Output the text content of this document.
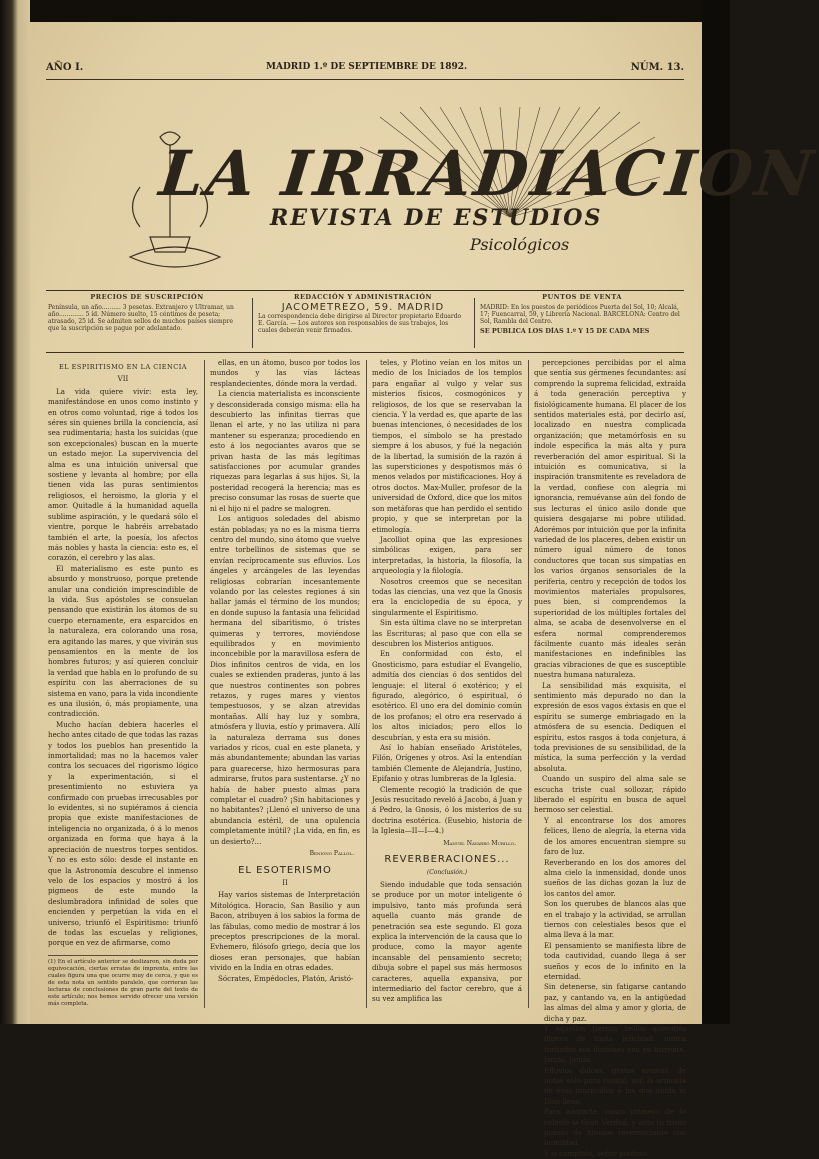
AÑO I.	MADRID 1.º DE SEPTIEMBRE DE 1892.	NÚM. 13.
LA IRRADIACION
REVISTA DE ESTUDIOS
Psicológicos
PRECIOS DE SUSCRIPCIÓN
Península, un año.......... 3 pesetas. Extranjero y Ultramar, un año............. 5 íd. Número suelto, 15 céntimos de peseta; atrasado, 25 id. Se admiten sellos de muchos países siempre que la suscripción se pague por adelantado.
REDACCIÓN Y ADMINISTRACIÓN
JACOMETREZO, 59. MADRID
La correspondencia debe dirigirse al Director propietario Eduardo E. García. — Los autores son responsables de sus trabajos, los cuales deberán venir firmados.
PUNTOS DE VENTA
MADRID: En los puestos de periódicos Puerta del Sol, 10; Alcalá, 17; Fuencarral, 59, y Librería Nacional. BARCELONA: Centro del Sol, Rambla del Centro.
SE PUBLICA LOS DÍAS 1.º Y 15 DE CADA MES
EL ESPIRITISMO EN LA CIENCIA
VII

La vida quiere vivir: esta ley, manifestándose en unos como instinto y en otros como voluntad, rige á todos los séres sin quienes brilla la conciencia, así sea rudimentaria; hasta los suicidas (que son excepcionales) buscan en la muerte un estado mejor. La supervivencia del alma es una intuición universal que sostiene y levanta al hombre; por ella tienen vida las puras sentimientos religiosos, el heroismo, la gloria y el amor. Quitadle á la humanidad aquella sublime aspiración, y le quedará sólo el vientre, porque le habréis arrebatado también el arte, la poesía, los afectos más nobles y hasta la ciencia: esto es, el corazón, el cerebro y las alas.

El materialismo es este punto es absurdo y monstruoso, porque pretende anular una condición imprescindible de la vida. Sus apóstoles se consuelan pensando que existirán los átomos de su cuerpo eternamente, era esparcidos en la naturaleza, era colorando una rosa, era agitando las mares, y que vivirán sus pensamientos en la mente de los hombres futuros; y así quieren concluir la verdad que habla en lo profundo de su espíritu con las aberraciones de su sistema en vano, para la vida incondiente es una ilusión, ó, más propiamente, una contradicción.

Mucho hacían debiera hacerles el hecho antes citado de que todas las razas y todos los pueblos han presentido la inmortalidad; mas no la hacemos valer contra los secuaces del rigorismo lógico y la experimentación, si el presentimiento no estuviera ya confirmado con pruebas irrecusables por lo evidentes, si no supiéramos á ciencia propia que existe manifestaciones de inteligencia no organizada, ó á lo menos organizada en forma que haya á la apreciación de nuestros torpes sentidos. Y no es esto sólo: desde el instante en que la Astronomía descubre el inmenso velo de los espacios y mostró á los pigmeos de este mundo la deslumbradora infinidad de soles que encienden y perpetúan la vida en el universo, triunfó el Espiritismo: triunfó de todas las escuelas y religiones, porque en vez de afirmarse, como

(1) En el artículo anterior se deslizaron, sin duda por equivocación, ciertas erratas de imprenta, entre las cuales figura una que ocurre muy de cerca, y que es de esta nota un sentido paralelo, que corrieran las lecturas de conclusiones de gran parte del texto de este artículo; nos hemos servido ofrecer una versión más completa.

ellas, en un átomo, busco por todos los mundos y las vías lácteas resplandecientes, dónde mora la verdad.

La ciencia materialista es inconsciente y desconsiderada consigo misma: ella ha descubierto las infinitas tierras que llenan el arte, y no las utiliza ni para mantener su esperanza; procediendo en esto á los negociantes avaros que se privan hasta de las más legítimas satisfacciones por acumular grandes riquezas para legarlas á sus hijos. Si, la posteridad recogerá la herencia; mas es preciso consumar las rosas de suerte que ni el hijo ni el padre se malogren.

Los antiguos soledades del abismo están pobladas; ya no es la misma tierra centro del mundo, sino átomo que vuelve entre torbellinos de sistemas que se envían recíprocamente sus efluvios. Los ángeles y arcángeles de las leyendas religiosas cobrarían incesantemente volando por las celestes regiones á sin hallar jamás el término de los mundos; en donde supuso la fantasía una felicidad hermana del sibaritismo, ó tristes quimeras y terrores, moviéndose equilibrados y en movimiento inconcebible por la maravillosa esfera de Dios infinitos centros de vida, en los cuales se extienden praderas, junto á las que nuestros continentes son pobres retazos, y ruges mares y vientos tempestuosos, y se alzan atrevidas montañas. Allí hay luz y sombra, atmósfera y lluvia, estío y primavera. Allí la naturaleza derrama sus dones variados y ricos, cual en este planeta, y más abundantemente; abundan las varias para guarecerse, hizo hermosuras para admirarse, frutos para sustentarse. ¿Y no había de haber puesto almas para completar el cuadro? ¡Sin habitaciones y no habitantes? ¡Llenó el universo de una abundancia estéril, de una opulencia completamente inútil? ¡La vida, en fin, es un desierto?...

Benigno Pallol.
EL ESOTERISMO
II

Hay varios sistemas de Interpretación Mitológica. Horacio, San Basilio y aun Bacon, atribuyen á los sabios la forma de las fábulas, como medio de mostrar á los preceptos prescripciones de la moral. Evhemero, filósofo griego, decía que los dioses eran personajes, que habían vivido en la India en otras edades.

Sócrates, Empédocles, Platón, Aristó-

teles, y Plotino veían en los mitos un medio de los Iniciados de los templos para engañar al vulgo y velar sus misterios físicos, cosmogónicos y religiosos, de los que se reservaban la ciencia. Y la verdad es, que aparte de las buenas intenciones, ó necesidades de los tiempos, el símbolo se ha prestado siempre á los abusos, y fué la negación de la libertad, la sumisión de la razón á las supersticiones y despotismos más ó menos velados por mistificaciones. Hoy á otros doctos. Max-Muller, profesor de la universidad de Oxford, dice que los mitos son metáforas que han perdido el sentido propio, y que se interpretan por la etimología.

Jacolliot opina que las expresiones simbólicas exigen, para ser interpretadas, la historia, la filosofía, la arqueología y la filología.

Nosotros creemos que se necesitan todas las ciencias, una vez que la Gnosis era la enciclopedia de su época, y singularmente el Espiritismo.

Sin esta última clave no se interpretan las Escrituras; al paso que con ella se descubren los Misterios antiguos.

En conformidad con ésto, el Gnosticismo, para estudiar el Evangelio, admitía dos ciencias ó dos sentidos del lenguaje: el literal ó exotérico; y el figurado, alegórico, ó espiritual, ó esotérico. El uno era del dominio común de los profanos; el otro era reservado á los altos iniciados; pero ellos lo descubrían, y esta era su misión.

Así lo habían enseñado Aristóteles, Filón, Orígenes y otros. Así la entendían también Clemente de Alejandría, Justino, Epifanio y otras lumbreras de la Iglesia.

Clemente recogió la tradición de que Jesús resucitado reveló á Jacobo, á Juan y á Pedro, la Gnosis, ó los misterios de su doctrina esotérica. (Eusebio, historia de la Iglesia—II—I—4.)

Manuel Navarro Murillo.
REVERBERACIONES...
(Conclusión.)

Siendo indudable que toda sensación se produce por un motor inteligente ó impulsivo, tanto más profunda será aquella cuanto más grande de penetración sea este segundo. El goza explica la intervención de la causa que lo produce, como la mayor agente incansable del pensamiento secreto; dibuja sobre el papel sus más hermosos caracteres, aquella expansiva, por intermediario del factor cerebro, que á su vez amplifica las

percepciones percibidas por el alma que sentía sus gérmenes fecundantes: así comprendo la suprema felicidad, extraída á toda generación perceptiva y fisiológicamente humana. El placer de los sentidos materiales está, por decirlo así, localizado en nuestra complicada organización; que metamórfosis en su índole específica la más alta y pura reverberación del amor espiritual. Si la intuición es comunicativa, si la inspiración transmitente es reveladora de la verdad, confiese con alegría mi ignorancia, remuévanse aún del fondo de sus lecturas el único asilo donde que quisiera desgajarse mi pobre utilidad. Adorémos por intuición que por la infinita variedad de los placeres, deben existir un número igual número de tonos conductores que tocan sus simpatías en los varios órganos sensoriales de la periferia, centro y recepción de todos los movimientos materiales propulsores, pues bien, si comprendemos la superioridad de los múltiples fortales del alma, se acaba de desenvolverse en el esfera normal comprenderemos fácilmente cuanto más ideales serán manifestaciones en indefinibles las gracias vibraciones de que es susceptible nuestra humana naturaleza.

La sensibilidad más exquisita, el sentimiento más depurado no dan la expresión de esos vagos éxtasis en que el espíritu se sumerge embriagado en la atmósfera de su esencia. Dediquen el espíritu, estos rasgos á toda conjetura, á toda previsiones de su sensibilidad, de la mística, la suma perfección y la verdad absoluta.

Cuando un suspiro del alma sale se escucha triste cual sollozar, rápido liberado el espíritu en busca de aquel hermoso ser celestial.

Y al encontrarse los dos amores felices, lleno de alegría, la eterna vida de los amores encuentran siempre su faro de luz.

Reverberando en los dos amores del alma cielo la inmensidad, donde unos sueños de las dichas gozan la luz de los cantos del amor.

Son los querubes de blancos alas que en el trabajo y la actividad, se arrullan tiernos con celestiales besos que el alma lleva á la mar.

El pensamiento se manifiesta libre de toda cautividad, cuando llega á ser sueños y ecos de lo infinito en la eternidad.

Sin detenerse, sin fatigarse cantando paz, y cantando va, en la antigüedad las almas del alma y amor y gloria, de dicha y paz.

Y aquellos tiernos bellos querubes dignos de tanta felicidad, nunca turbados sus ilusiones ven en torrente, jamás, jamás.

Efluvios dulces, gratos aromas, de notas sólo puro raudal, son la armonía de esos murmullos á los que anida ni Dios lleno.

Para adorarte, canto primero de lo celeste la Gran Verdad, y ante tu trono puesto de hinojos reverencianté con humildad.

Y si cumplido, señor piadoso,
